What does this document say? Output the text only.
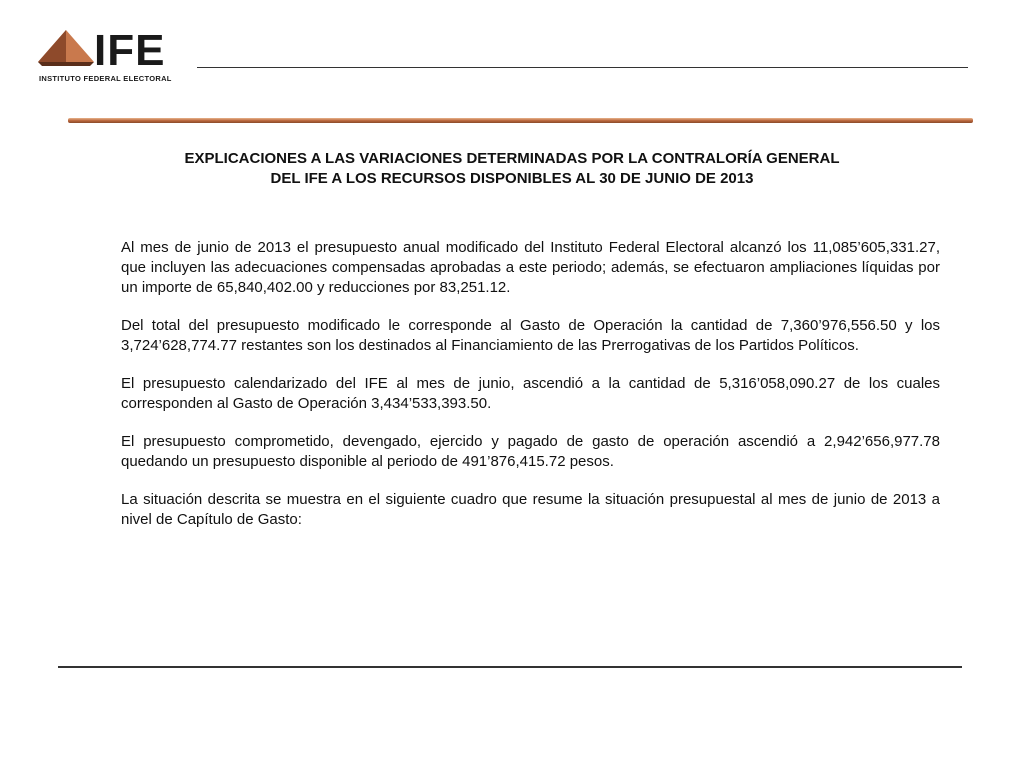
IFE
INSTITUTO FEDERAL ELECTORAL
EXPLICACIONES A LAS VARIACIONES DETERMINADAS POR LA CONTRALORÍA GENERAL
DEL IFE A LOS RECURSOS DISPONIBLES AL 30 DE JUNIO DE 2013

Al mes de junio de 2013 el presupuesto anual modificado del Instituto Federal Electoral alcanzó los 11,085’605,331.27, que incluyen las adecuaciones compensadas aprobadas a este periodo; además, se efectuaron ampliaciones líquidas por un importe de 65,840,402.00 y reducciones por 83,251.12.

Del total del presupuesto modificado le corresponde al Gasto de Operación la cantidad de 7,360’976,556.50 y los 3,724’628,774.77 restantes son los destinados al Financiamiento de las Prerrogativas de los Partidos Políticos.

El presupuesto calendarizado del IFE al mes de junio, ascendió a la cantidad de 5,316’058,090.27 de los cuales corresponden al Gasto de Operación 3,434’533,393.50.

El presupuesto comprometido, devengado, ejercido y pagado de gasto de operación ascendió a 2,942’656,977.78 quedando un presupuesto disponible al periodo de 491’876,415.72 pesos.

La situación descrita se muestra en el siguiente cuadro que resume la situación presupuestal al mes de junio de 2013 a nivel de Capítulo de Gasto:
